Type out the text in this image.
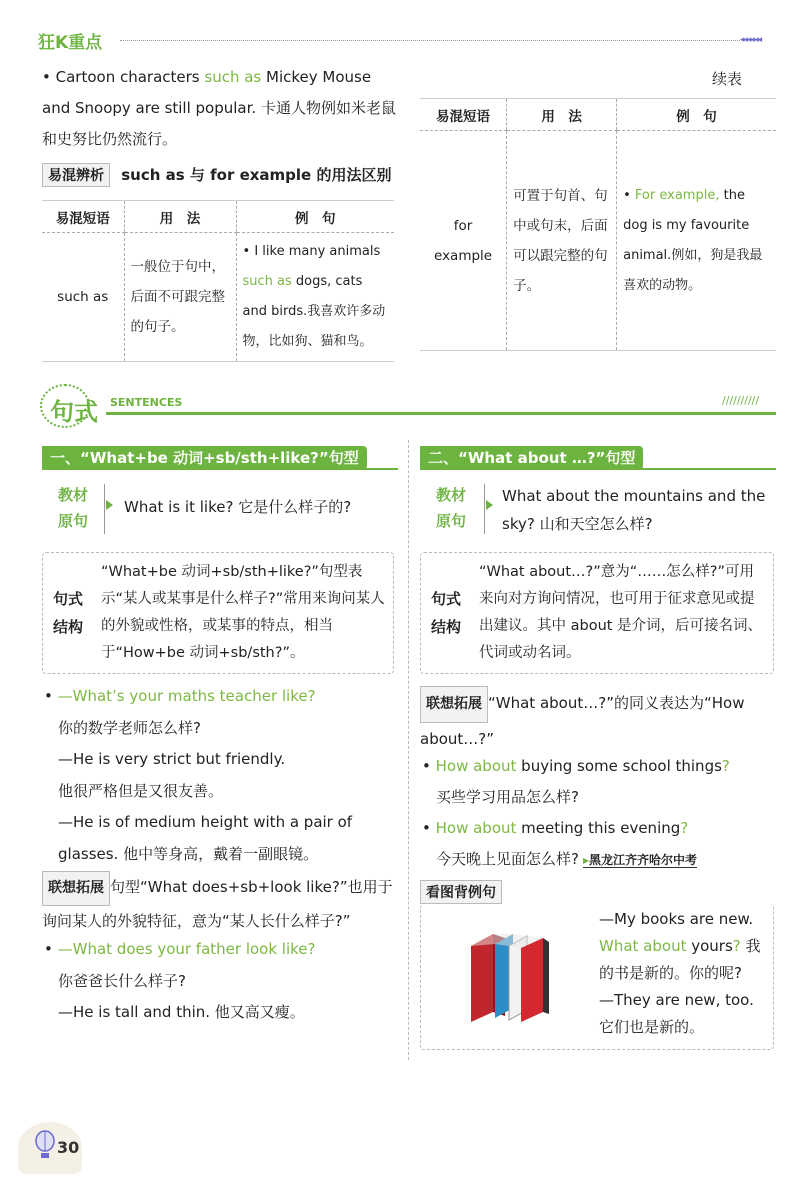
狂K重点	◂◂◂◂◂◂
• Cartoon characters such as Mickey Mouse and Snoopy are still popular. 卡通人物例如米老鼠和史努比仍然流行。
易混辨析 such as 与 for example 的用法区别
易混短语	用　法	例　句
such as	一般位于句中，后面不可跟完整的句子。	• I like many animals such as dogs, cats and birds.我喜欢许多动物，比如狗、猫和鸟。
续表
易混短语	用　法	例　句
for example	可置于句首、句中或句末，后面可以跟完整的句子。	• For example, the dog is my favourite animal.例如，狗是我最喜欢的动物。
句式 SENTENCES	//////////
一、“What+be 动词+sb/sth+like?”句型
教材
原句
What is it like? 它是什么样子的?
句式
结构
“What+be 动词+sb/sth+like?”句型表示“某人或某事是什么样子?”常用来询问某人的外貌或性格，或某事的特点，相当于“How+be 动词+sb/sth?”。
• —What’s your maths teacher like?
你的数学老师怎么样?
—He is very strict but friendly.
他很严格但是又很友善。
—He is of medium height with a pair of glasses. 他中等身高，戴着一副眼镜。
联想拓展 句型“What does+sb+look like?”也用于询问某人的外貌特征，意为“某人长什么样子?”
• —What does your father look like?
你爸爸长什么样子?
—He is tall and thin. 他又高又瘦。
二、“What about …?”句型
教材
原句
What about the mountains and the sky? 山和天空怎么样?
句式
结构
“What about…?”意为“……怎么样?”可用来向对方询问情况，也可用于征求意见或提出建议。其中 about 是介词，后可接名词、代词或动名词。
联想拓展 “What about…?”的同义表达为“How about…?”
• How about buying some school things?
买些学习用品怎么样?
• How about meeting this evening?
今天晚上见面怎么样? ▸黑龙江齐齐哈尔中考
看图背例句
—My books are new.
What about yours? 我的书是新的。你的呢?
—They are new, too.
它们也是新的。
30
